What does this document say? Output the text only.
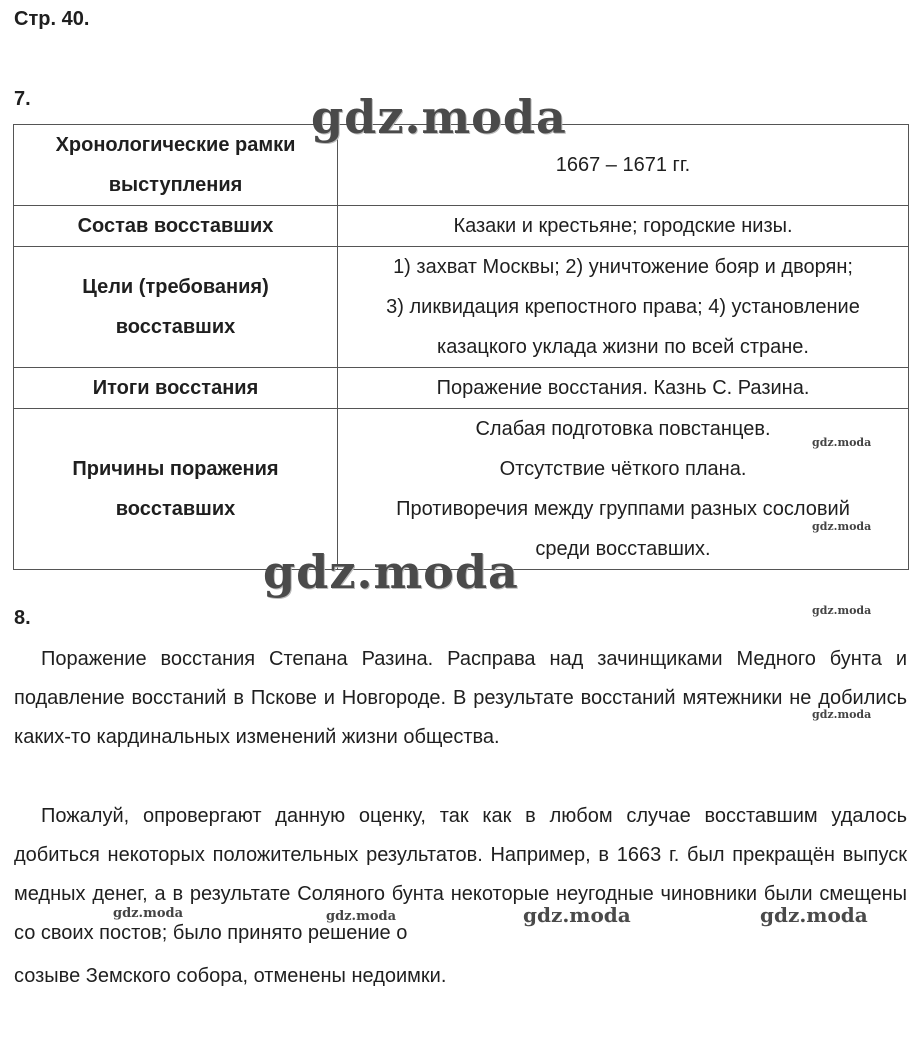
Стр. 40.
7.
Хронологические рамки
выступления	1667 – 1671 гг.

Состав восставших	Казаки и крестьяне; городские низы.

Цели (требования)
восставших	1) захват Москвы; 2) уничтожение бояр и дворян;
3) ликвидация крепостного права; 4) установление
казацкого уклада жизни по всей стране.

Итоги восстания	Поражение восстания. Казнь С. Разина.

Причины поражения
восставших	Слабая подготовка повстанцев.
Отсутствие чёткого плана.
Противоречия между группами разных сословий
среди восставших.
8.

Поражение восстания Степана Разина. Расправа над зачинщиками Медного бунта и подавление восстаний в Пскове и Новгороде. В результате восстаний мятежники не добились каких-то кардинальных изменений жизни общества.

Пожалуй, опровергают данную оценку, так как в любом случае восставшим удалось добиться некоторых положительных результатов. Например, в 1663 г. был прекращён выпуск медных денег, а в результате Соляного бунта некоторые неугодные чиновники были смещены со своих постов; было принято решение о
созыве Земского собора, отменены недоимки.
gdz.moda
gdz.moda
gdz.moda
gdz.moda
gdz.moda
gdz.moda
gdz.moda	gdz.moda	gdz.moda	gdz.moda
